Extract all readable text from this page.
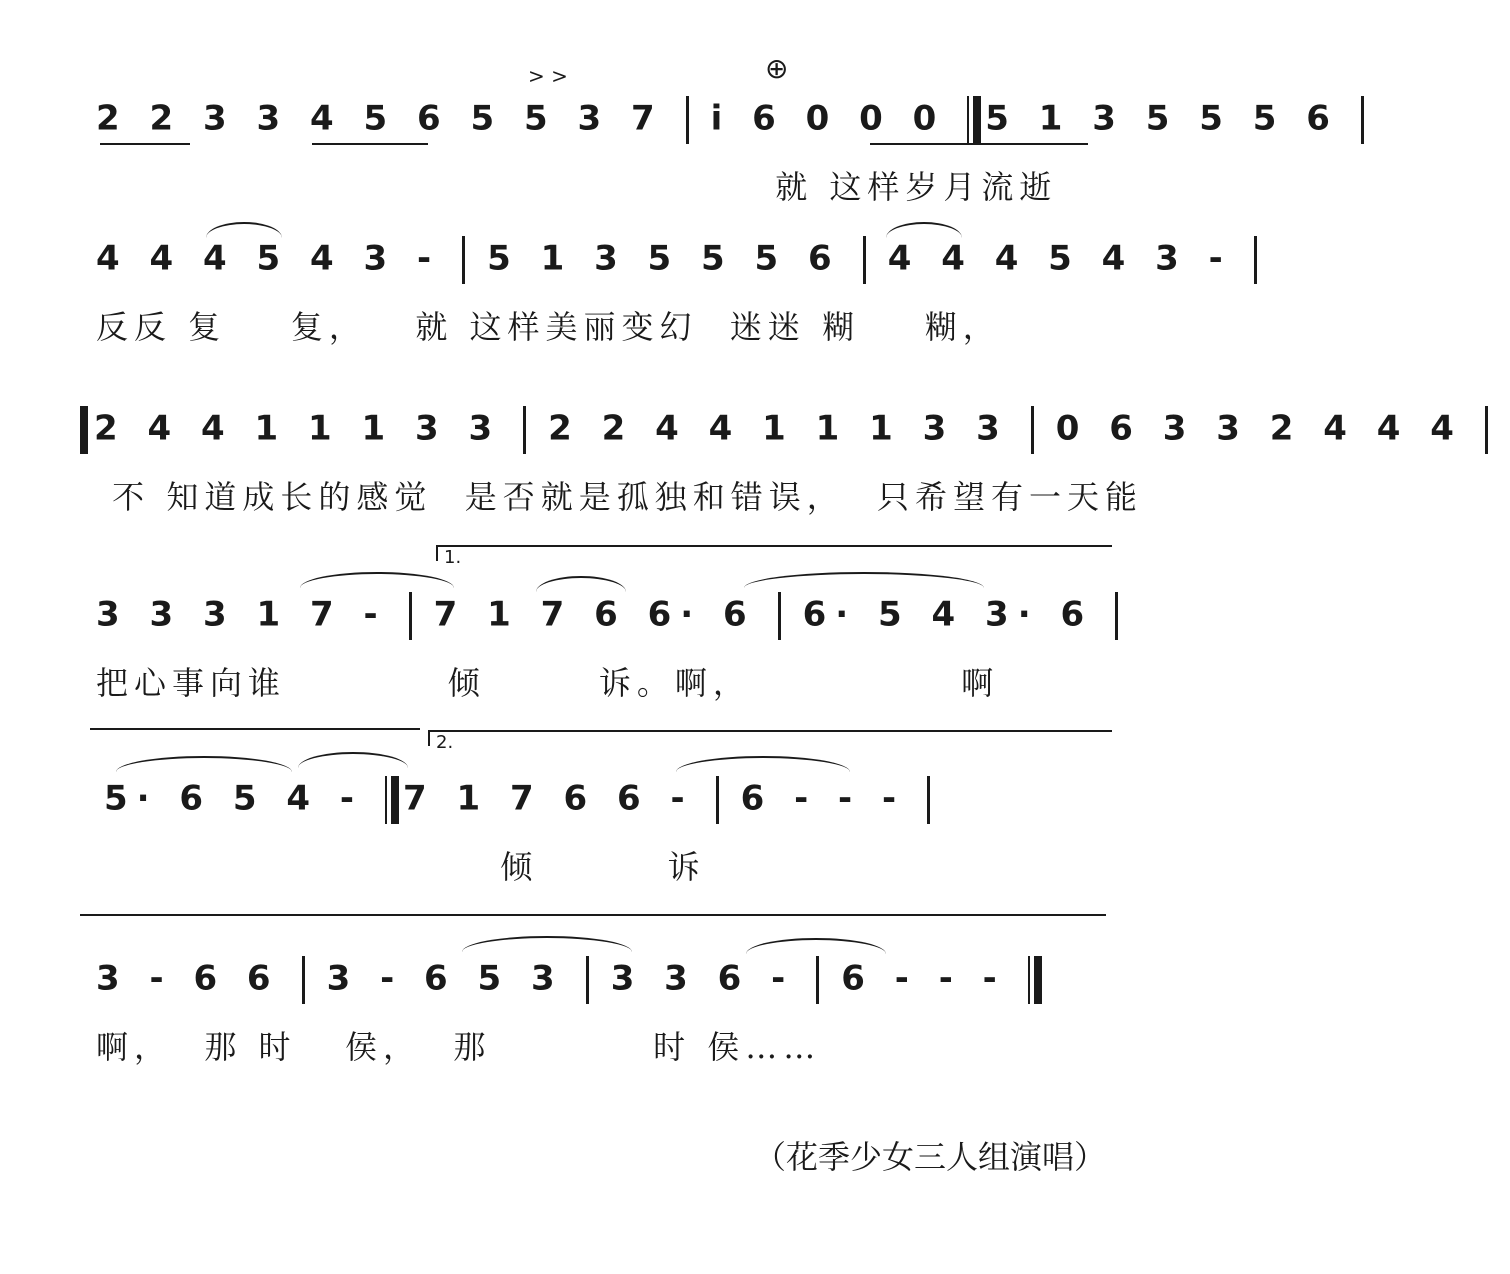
2 2 3 3 4 5 6 5 5 3 7 i 6 0 0 0 5 1 3 5 5 5 6
就 这样岁月流逝
⊕
> >
4 4 4 5 4 3 - 5 1 3 5 5 5 6 4 4 4 5 4 3 -
反反 复    复，   就 这样美丽变幻  迷迷 糊    糊，
2 4 4 1 1 1 3 3 2 2 4 4 1 1 1 3 3 0 6 3 3 2 4 4 4
不 知道成长的感觉  是否就是孤独和错误，  只希望有一天能
1.
3 3 3 1 7 - 7 1 7 6 6· 6 6· 5 4 3· 6
把心事向谁          倾       诉。啊，             啊
2.
5· 6 5 4 - 7 1 7 6 6 - 6 - - -
倾        诉
3 - 6 6 3 - 6 5 3 3 3 6 - 6 - - -
啊，  那 时   侯，  那          时 侯……
（花季少女三人组演唱）
